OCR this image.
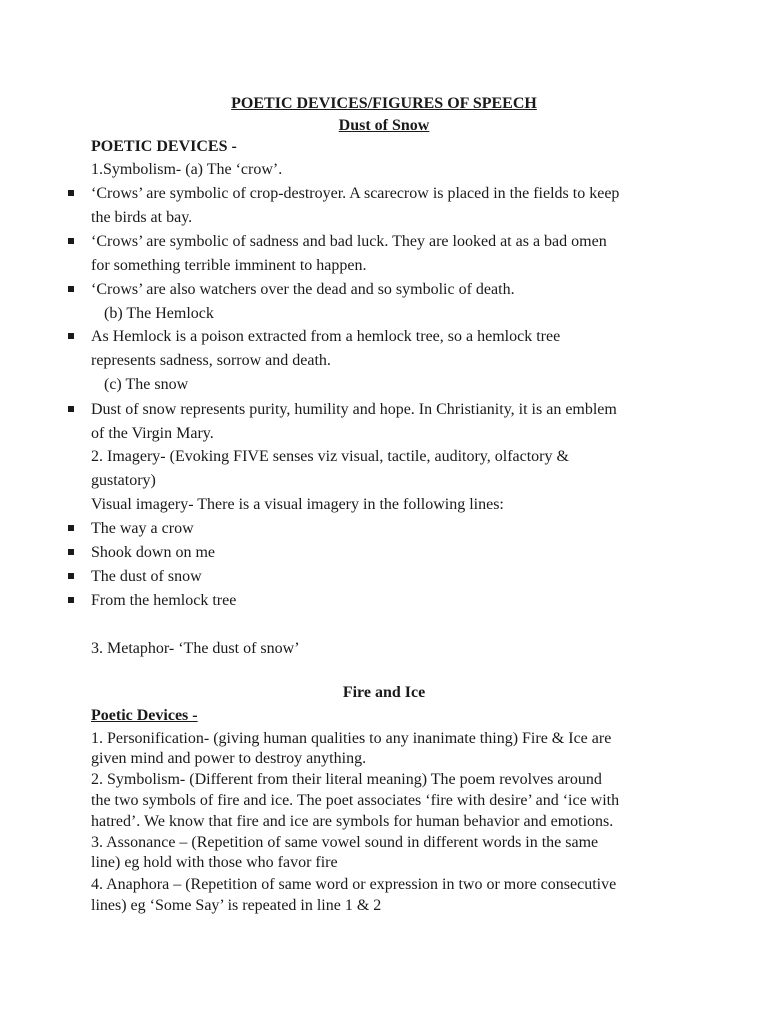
POETIC DEVICES/FIGURES OF SPEECH
Dust of Snow
POETIC DEVICES -
1.Symbolism- (a) The ‘crow’.
‘Crows’ are symbolic of crop-destroyer. A scarecrow is placed in the fields to keep
the birds at bay.
‘Crows’ are symbolic of sadness and bad luck. They are looked at as a bad omen
for something terrible imminent to happen.
‘Crows’ are also watchers over the dead and so symbolic of death.
(b) The Hemlock
As Hemlock is a poison extracted from a hemlock tree, so a hemlock tree
represents sadness, sorrow and death.
(c) The snow
Dust of snow represents purity, humility and hope. In Christianity, it is an emblem
of the Virgin Mary.
2. Imagery- (Evoking FIVE senses viz visual, tactile, auditory, olfactory &
gustatory)
Visual imagery- There is a visual imagery in the following lines:
The way a crow
Shook down on me
The dust of snow
From the hemlock tree
3. Metaphor- ‘The dust of snow’
Fire and Ice
Poetic Devices -
1. Personification- (giving human qualities to any inanimate thing) Fire & Ice are
given mind and power to destroy anything.
2. Symbolism- (Different from their literal meaning) The poem revolves around
the two symbols of fire and ice. The poet associates ‘fire with desire’ and ‘ice with
hatred’. We know that fire and ice are symbols for human behavior and emotions.
3. Assonance – (Repetition of same vowel sound in different words in the same
line) eg hold with those who favor fire
4. Anaphora – (Repetition of same word or expression in two or more consecutive
lines) eg ‘Some Say’ is repeated in line 1 & 2
